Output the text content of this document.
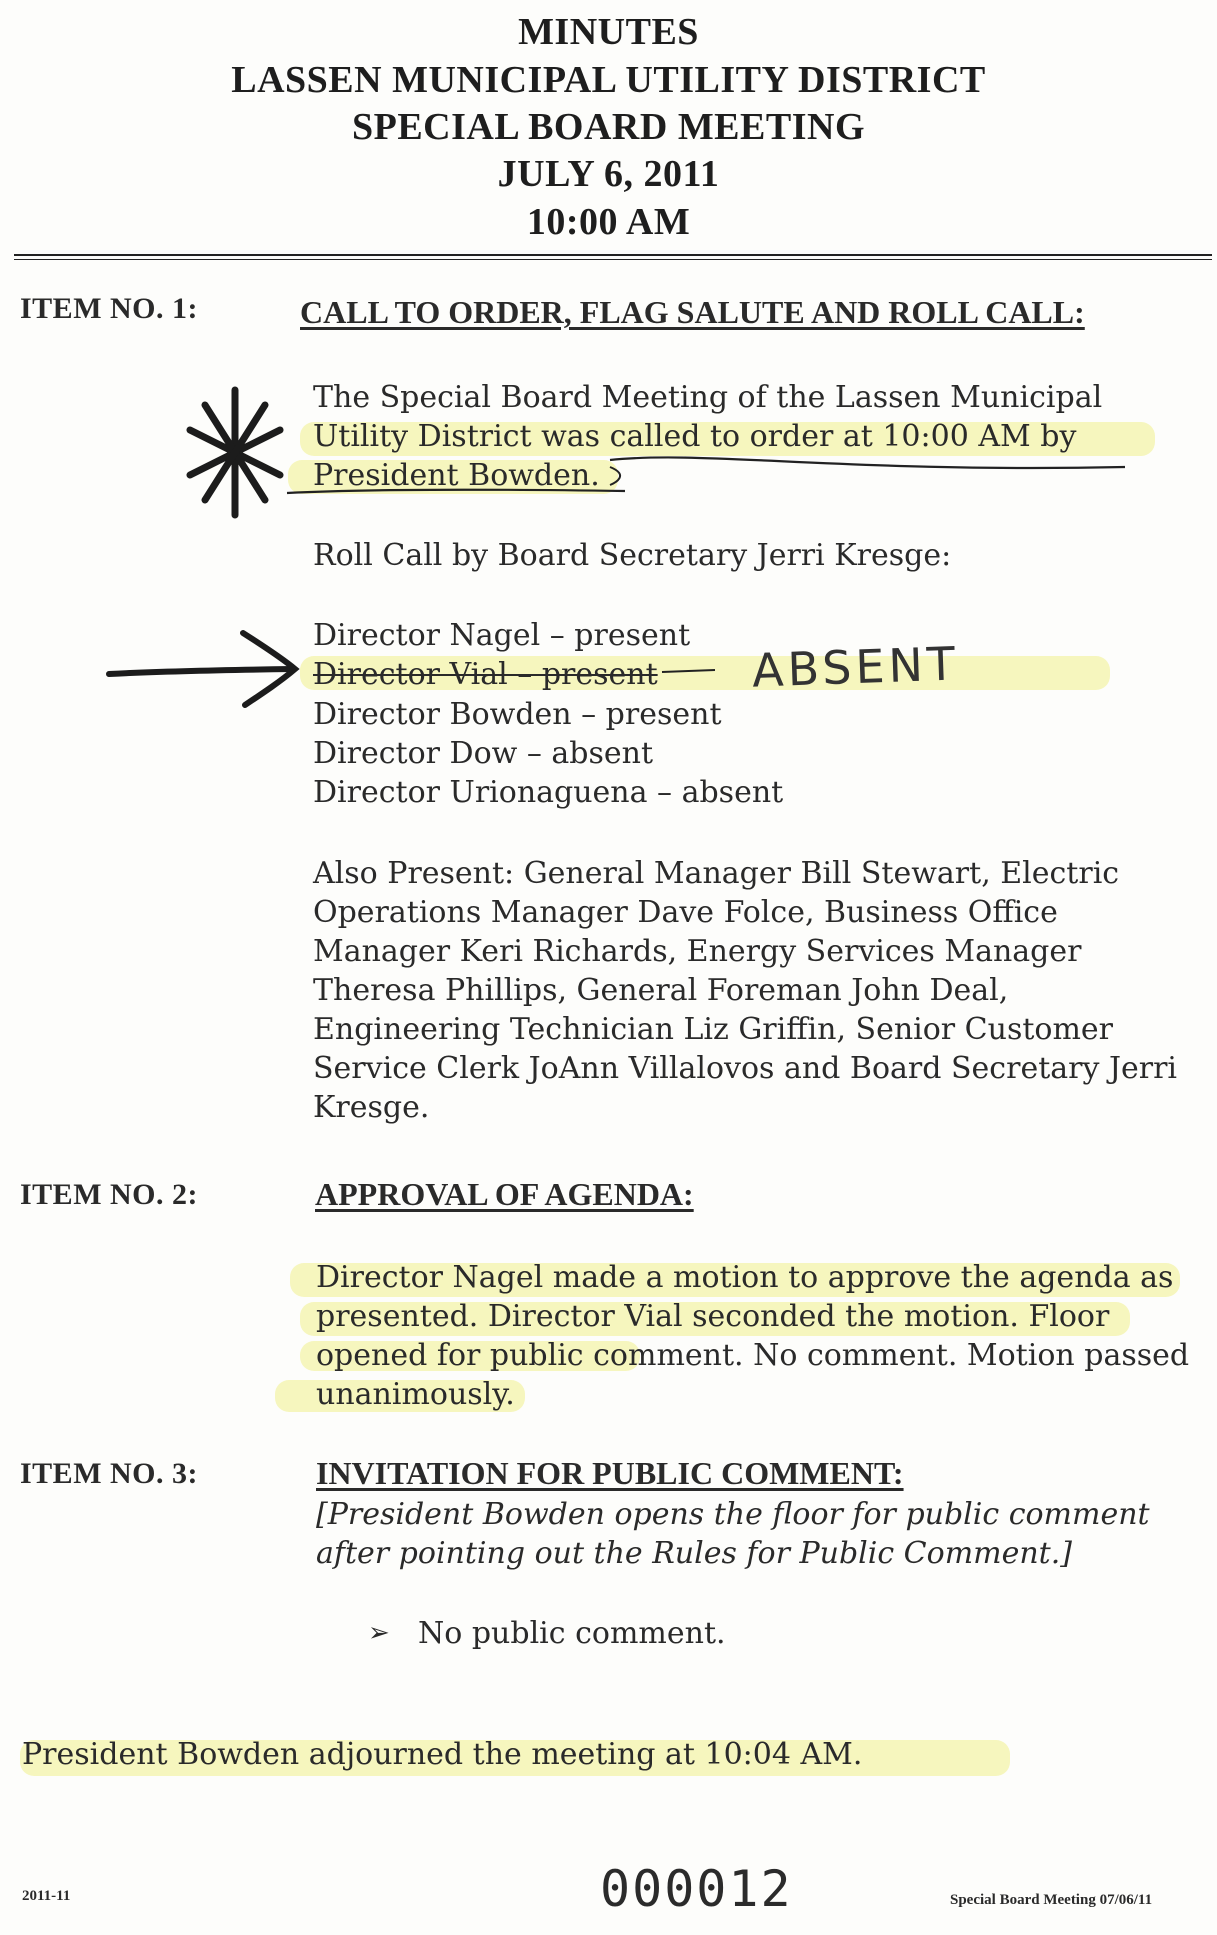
MINUTES
LASSEN MUNICIPAL UTILITY DISTRICT
SPECIAL BOARD MEETING
JULY 6, 2011
10:00 AM
ITEM NO. 1:	CALL TO ORDER, FLAG SALUTE AND ROLL CALL:
The Special Board Meeting of the Lassen Municipal
Utility District was called to order at 10:00 AM by
President Bowden.
Roll Call by Board Secretary Jerri Kresge:
Director Nagel – present
Director Vial – present
Director Bowden – present
Director Dow – absent
Director Urionaguena – absent
ABSENT
Also Present: General Manager Bill Stewart, Electric
Operations Manager Dave Folce, Business Office
Manager Keri Richards, Energy Services Manager
Theresa Phillips, General Foreman John Deal,
Engineering Technician Liz Griffin, Senior Customer
Service Clerk JoAnn Villalovos and Board Secretary Jerri
Kresge.
ITEM NO. 2:	APPROVAL OF AGENDA:
Director Nagel made a motion to approve the agenda as
presented. Director Vial seconded the motion. Floor
opened for public comment. No comment. Motion passed
unanimously.
ITEM NO. 3:	INVITATION FOR PUBLIC COMMENT:
[President Bowden opens the floor for public comment
after pointing out the Rules for Public Comment.]
➢ No public comment.
President Bowden adjourned the meeting at 10:04 AM.
2011-11	000012	Special Board Meeting 07/06/11
